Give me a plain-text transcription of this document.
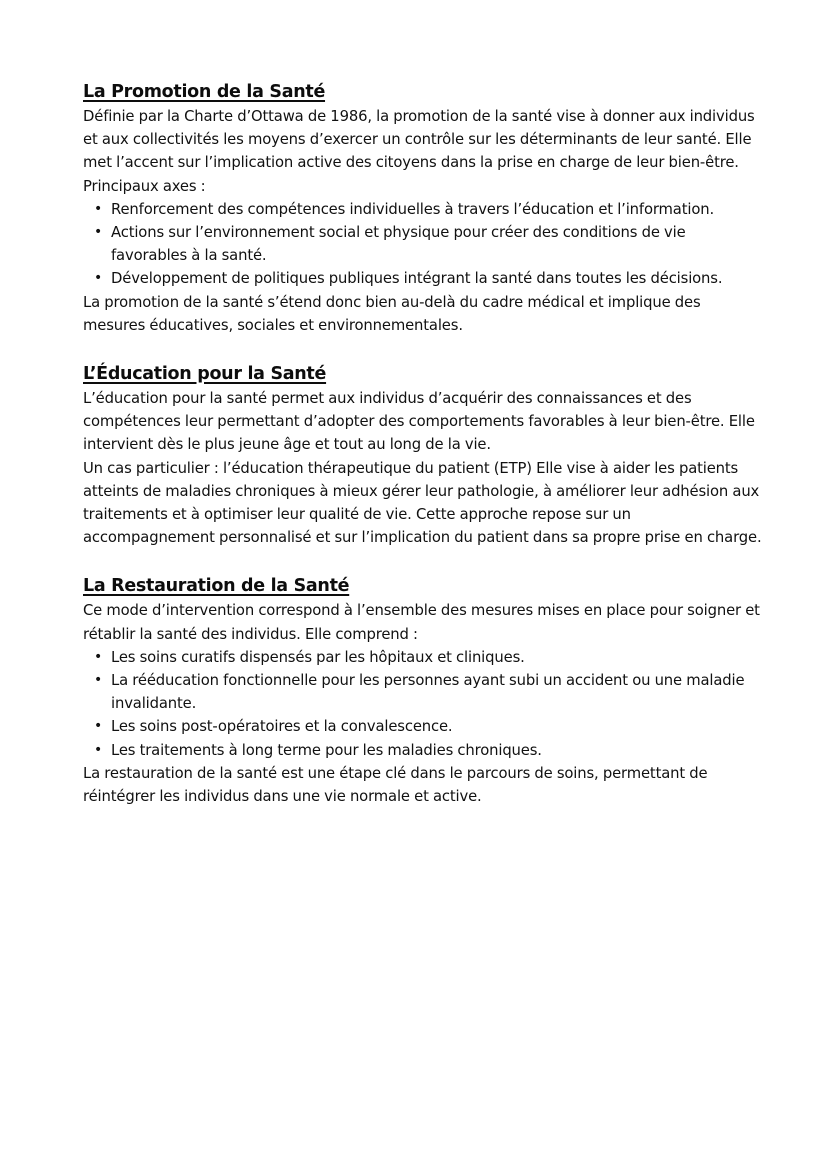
La Promotion de la Santé

Définie par la Charte d’Ottawa de 1986, la promotion de la santé vise à donner aux individus et aux collectivités les moyens d’exercer un contrôle sur les déterminants de leur santé. Elle met l’accent sur l’implication active des citoyens dans la prise en charge de leur bien-être.

Principaux axes :

• Renforcement des compétences individuelles à travers l’éducation et l’information.
• Actions sur l’environnement social et physique pour créer des conditions de vie favorables à la santé.
• Développement de politiques publiques intégrant la santé dans toutes les décisions.

La promotion de la santé s’étend donc bien au-delà du cadre médical et implique des mesures éducatives, sociales et environnementales.

L’Éducation pour la Santé

L’éducation pour la santé permet aux individus d’acquérir des connaissances et des compétences leur permettant d’adopter des comportements favorables à leur bien-être. Elle intervient dès le plus jeune âge et tout au long de la vie.

Un cas particulier : l’éducation thérapeutique du patient (ETP) Elle vise à aider les patients atteints de maladies chroniques à mieux gérer leur pathologie, à améliorer leur adhésion aux traitements et à optimiser leur qualité de vie. Cette approche repose sur un accompagnement personnalisé et sur l’implication du patient dans sa propre prise en charge.

La Restauration de la Santé

Ce mode d’intervention correspond à l’ensemble des mesures mises en place pour soigner et rétablir la santé des individus. Elle comprend :

• Les soins curatifs dispensés par les hôpitaux et cliniques.
• La rééducation fonctionnelle pour les personnes ayant subi un accident ou une maladie invalidante.
• Les soins post-opératoires et la convalescence.
• Les traitements à long terme pour les maladies chroniques.

La restauration de la santé est une étape clé dans le parcours de soins, permettant de réintégrer les individus dans une vie normale et active.
